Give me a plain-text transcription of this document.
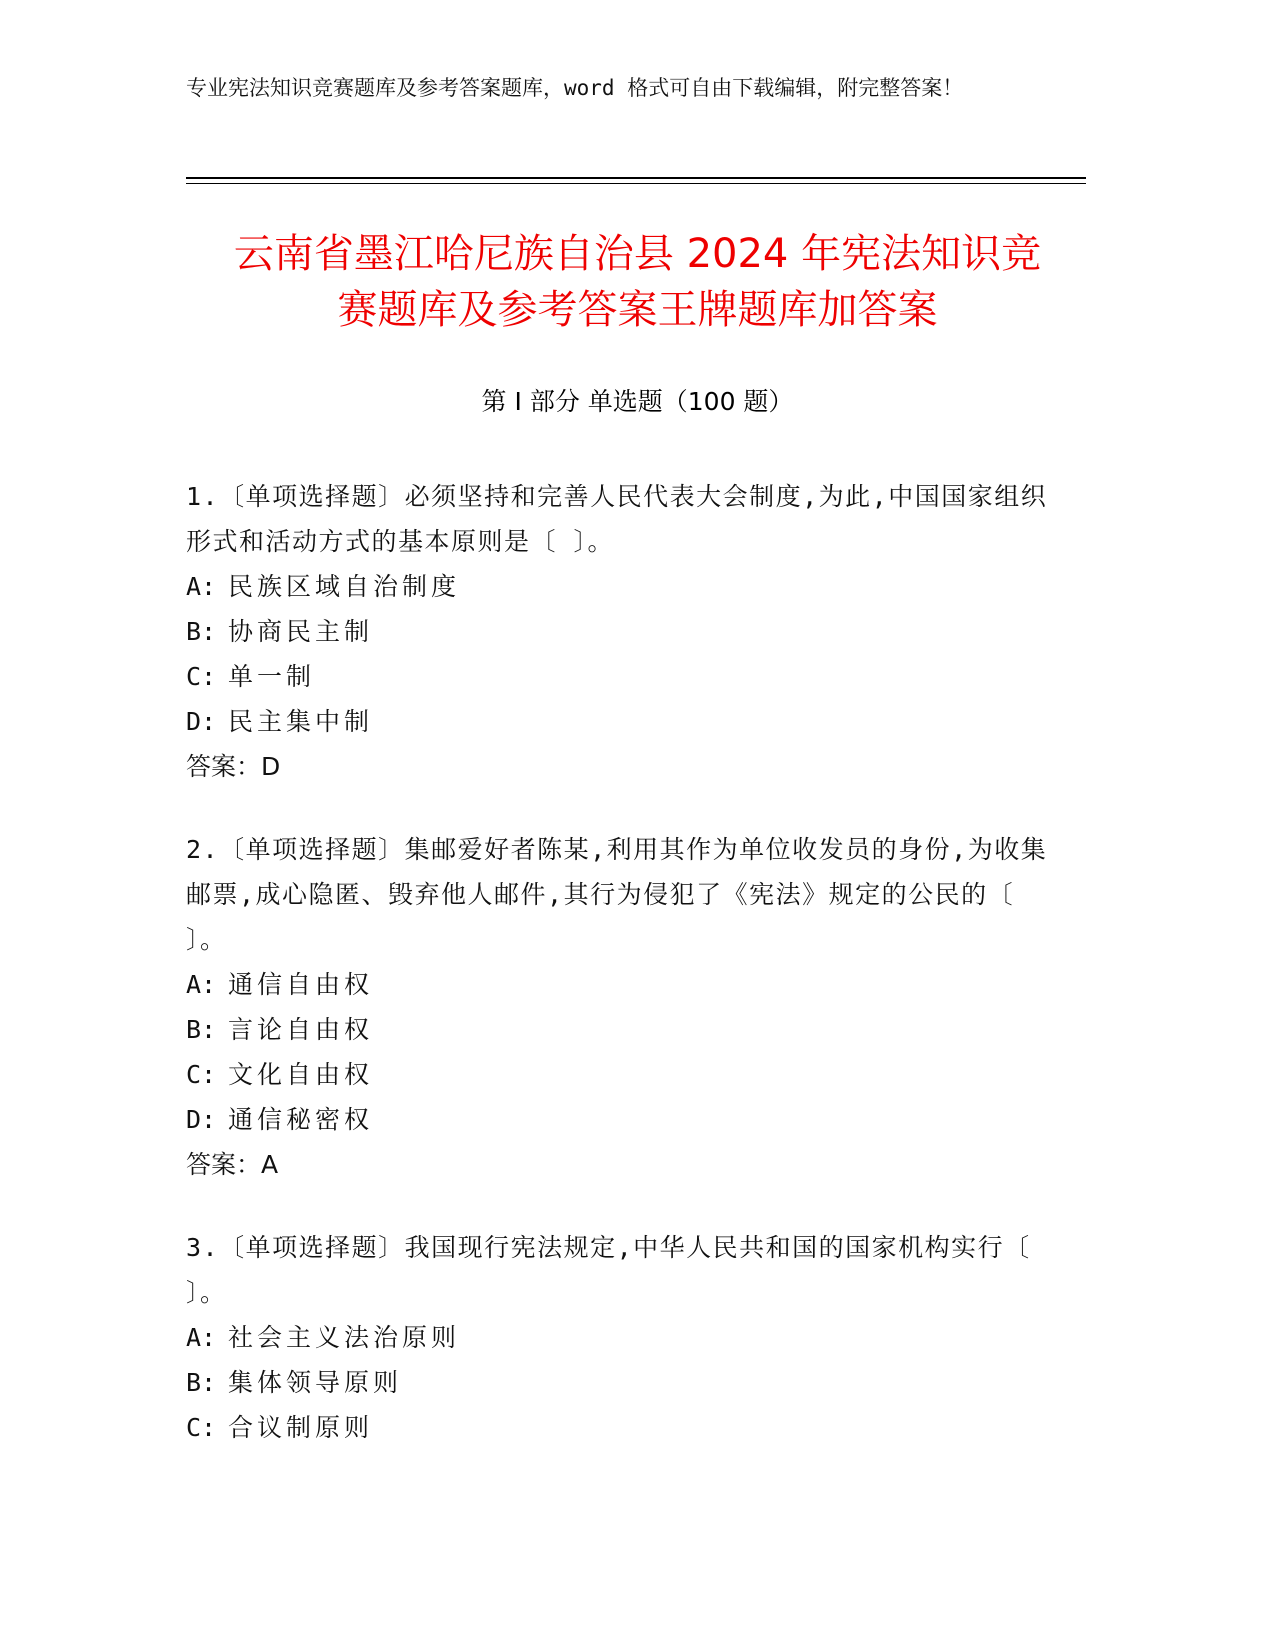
专业宪法知识竞赛题库及参考答案题库，word 格式可自由下载编辑，附完整答案！
云南省墨江哈尼族自治县 2024 年宪法知识竞
赛题库及参考答案王牌题库加答案
第 I 部分 单选题（100 题）
1.〔单项选择题〕必须坚持和完善人民代表大会制度,为此,中国国家组织形式和活动方式的基本原则是〔 〕。
A: 民族区域自治制度
B: 协商民主制
C: 单一制
D: 民主集中制
答案：D
2.〔单项选择题〕集邮爱好者陈某,利用其作为单位收发员的身份,为收集邮票,成心隐匿、毁弃他人邮件,其行为侵犯了《宪法》规定的公民的〔 〕。
A: 通信自由权
B: 言论自由权
C: 文化自由权
D: 通信秘密权
答案：A
3.〔单项选择题〕我国现行宪法规定,中华人民共和国的国家机构实行〔 〕。
A: 社会主义法治原则
B: 集体领导原则
C: 合议制原则
